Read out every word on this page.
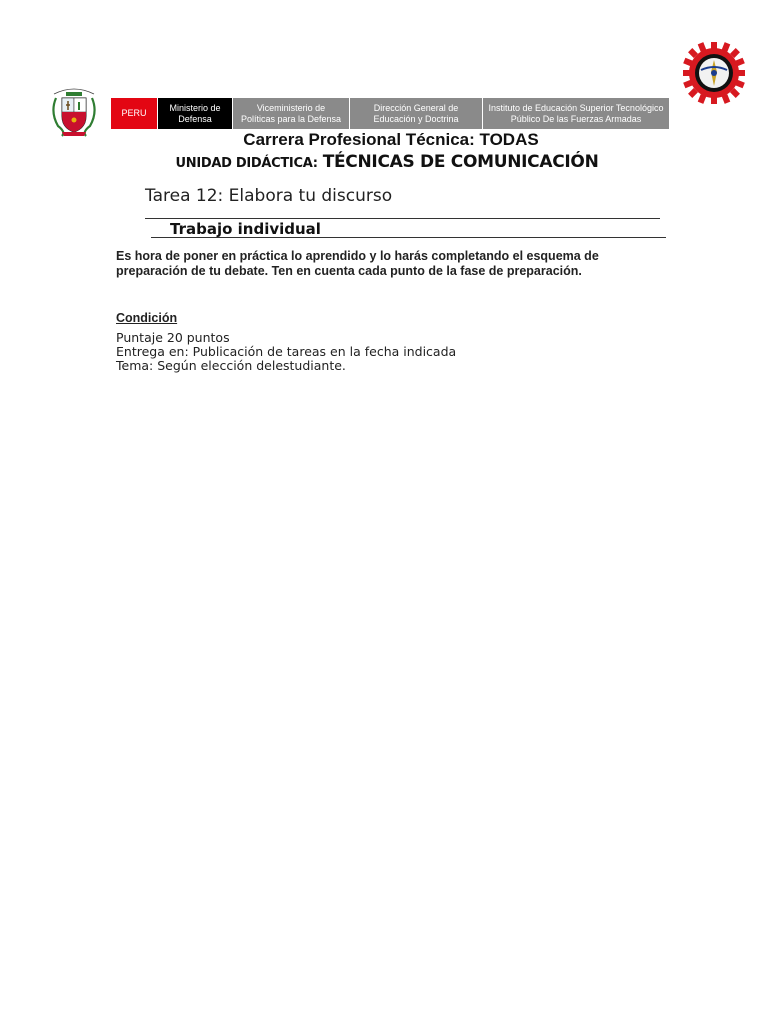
PERU
Ministerio de
Defensa
Viceministerio de
Políticas para la Defensa
Dirección General de
Educación y Doctrina
Instituto de Educación Superior Tecnológico
Público De las Fuerzas Armadas
Carrera Profesional Técnica: TODAS
UNIDAD DIDÁCTICA: TÉCNICAS DE COMUNICACIÓN
Tarea 12: Elabora tu discurso
Trabajo individual
Es hora de poner en práctica lo aprendido y lo harás completando el esquema de preparación de tu debate. Ten en cuenta cada punto de la fase de preparación.
Condición
Puntaje 20 puntos
Entrega en: Publicación de tareas en la fecha indicada
Tema: Según elección delestudiante.
